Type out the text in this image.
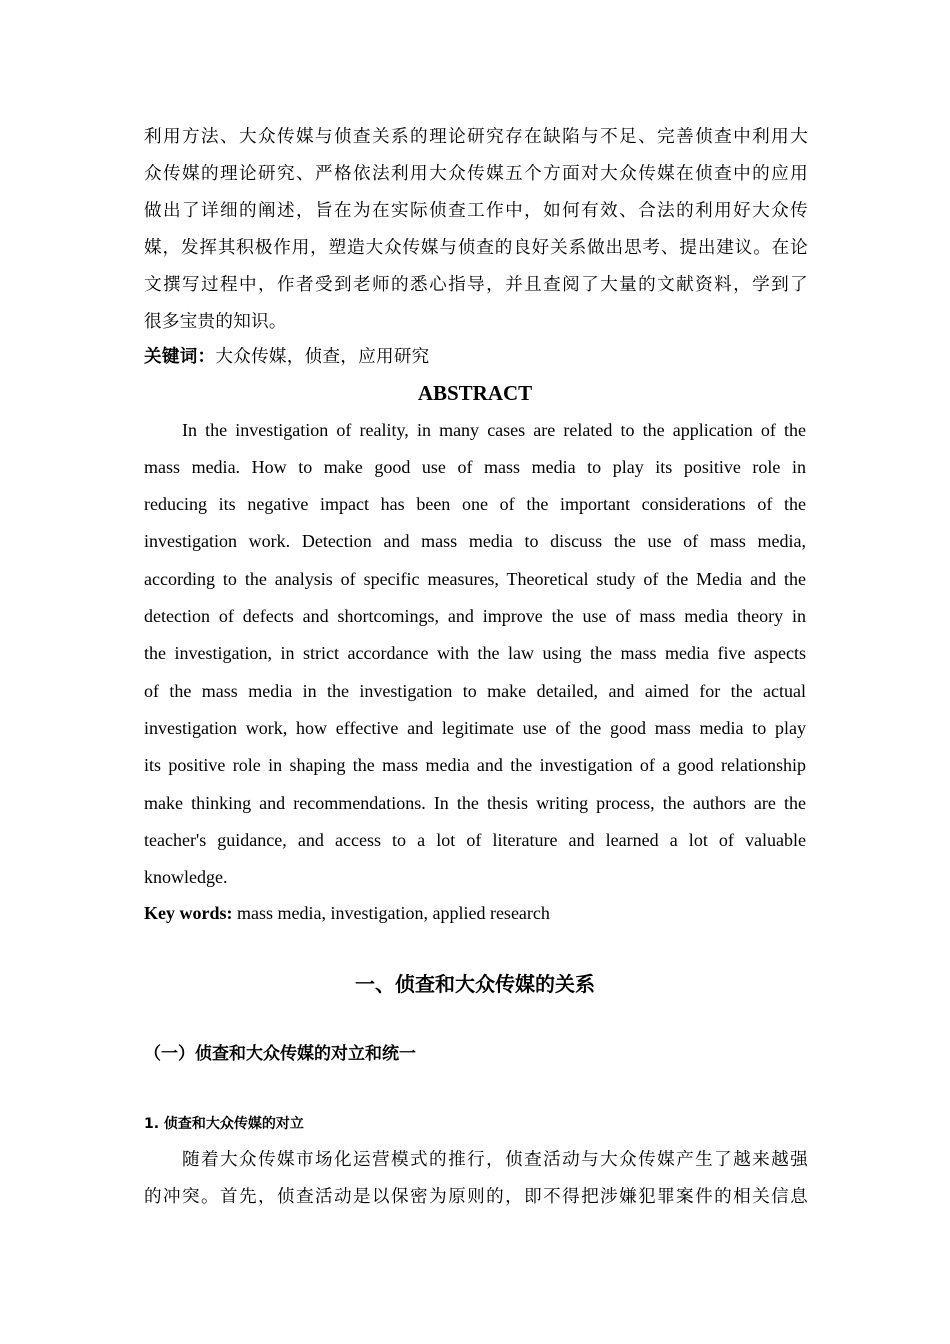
利用方法、大众传媒与侦查关系的理论研究存在缺陷与不足、完善侦查中利用大
众传媒的理论研究、严格依法利用大众传媒五个方面对大众传媒在侦查中的应用
做出了详细的阐述，旨在为在实际侦查工作中，如何有效、合法的利用好大众传
媒，发挥其积极作用，塑造大众传媒与侦查的良好关系做出思考、提出建议。在论
文撰写过程中，作者受到老师的悉心指导，并且查阅了大量的文献资料，学到了
很多宝贵的知识。
关键词：大众传媒，侦查，应用研究
ABSTRACT
In the investigation of reality, in many cases are related to the application of the
mass media. How to make good use of mass media to play its positive role in
reducing its negative impact has been one of the important considerations of the
investigation work. Detection and mass media to discuss the use of mass media,
according to the analysis of specific measures, Theoretical study of the Media and the
detection of defects and shortcomings, and improve the use of mass media theory in
the investigation, in strict accordance with the law using the mass media five aspects
of the mass media in the investigation to make detailed, and aimed for the actual
investigation work, how effective and legitimate use of the good mass media to play
its positive role in shaping the mass media and the investigation of a good relationship
make thinking and recommendations. In the thesis writing process, the authors are the
teacher's guidance, and access to a lot of literature and learned a lot of valuable
knowledge.
Key words: mass media, investigation, applied research
一、侦查和大众传媒的关系
（一）侦查和大众传媒的对立和统一
1. 侦查和大众传媒的对立
随着大众传媒市场化运营模式的推行，侦查活动与大众传媒产生了越来越强
的冲突。首先，侦查活动是以保密为原则的，即不得把涉嫌犯罪案件的相关信息
